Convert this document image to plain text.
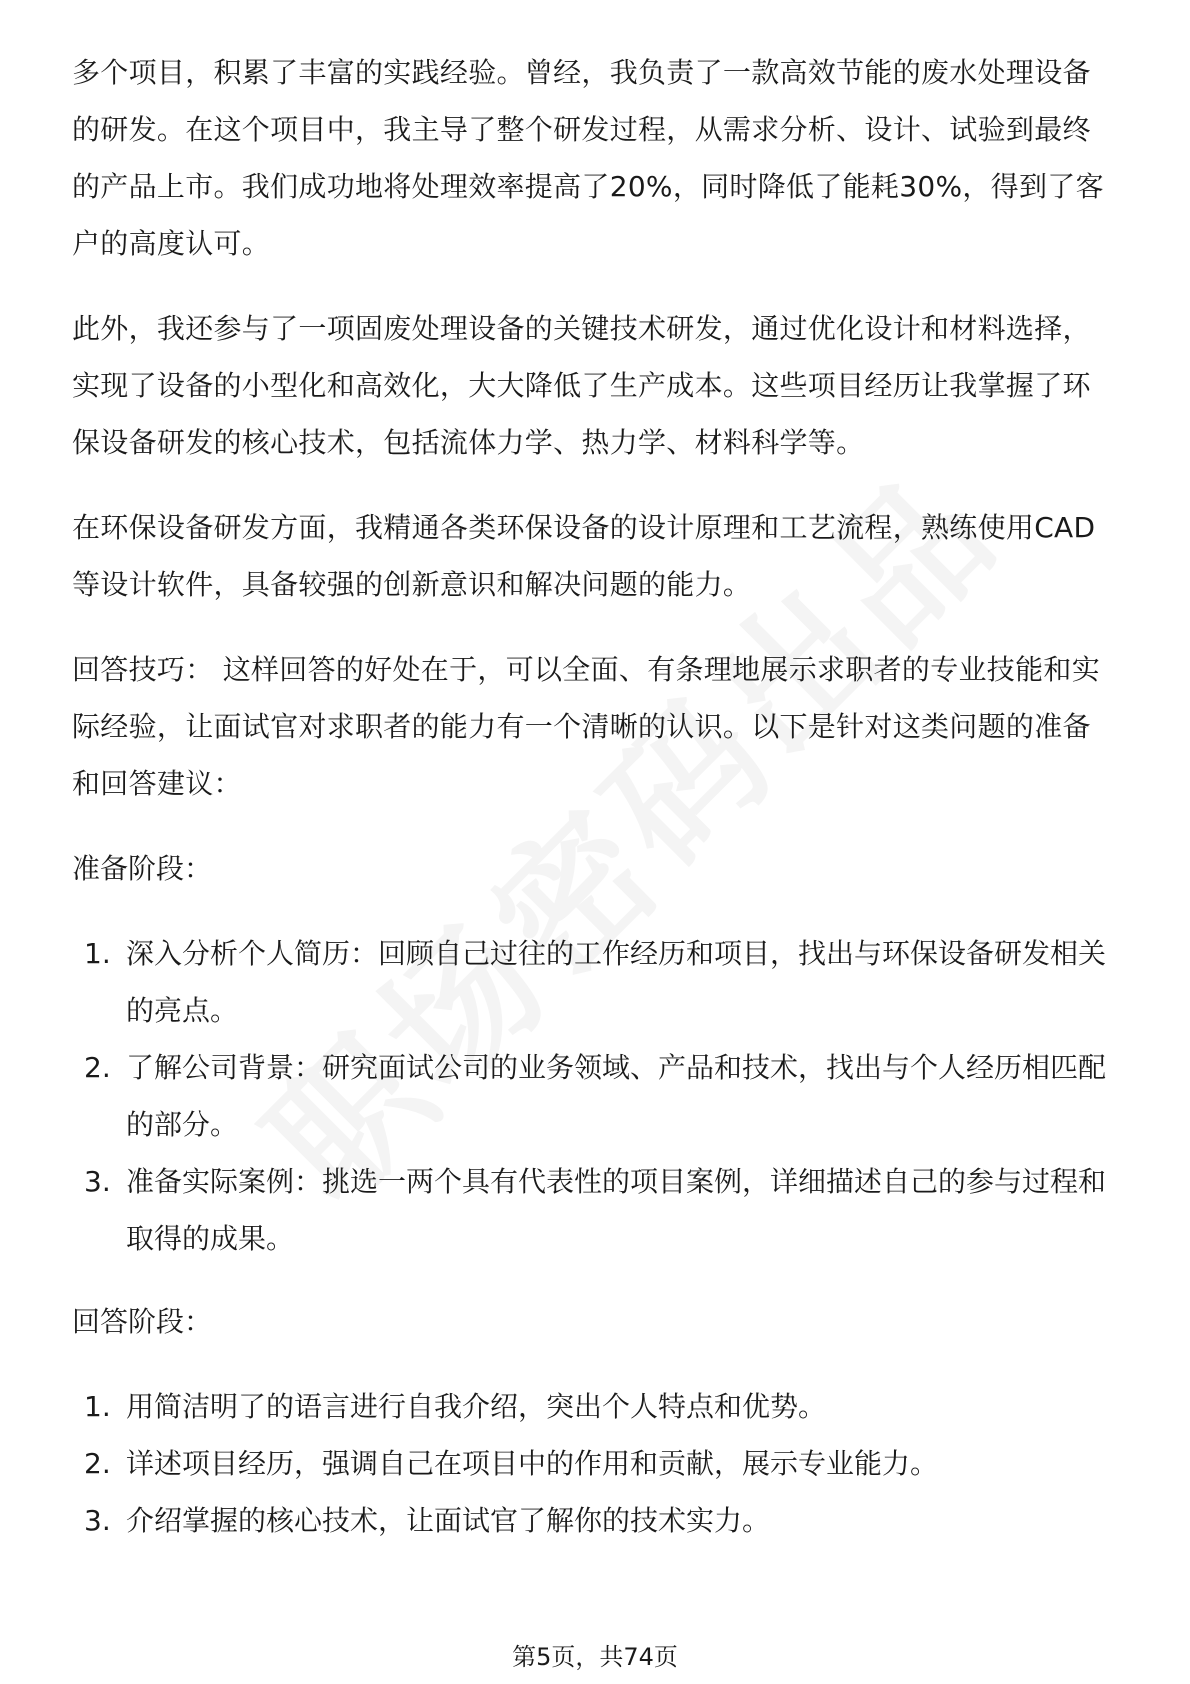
多个项目，积累了丰富的实践经验。曾经，我负责了一款高效节能的废水处理设备的研发。在这个项目中，我主导了整个研发过程，从需求分析、设计、试验到最终的产品上市。我们成功地将处理效率提高了20%，同时降低了能耗30%，得到了客户的高度认可。

此外，我还参与了一项固废处理设备的关键技术研发，通过优化设计和材料选择，实现了设备的小型化和高效化，大大降低了生产成本。这些项目经历让我掌握了环保设备研发的核心技术，包括流体力学、热力学、材料科学等。

在环保设备研发方面，我精通各类环保设备的设计原理和工艺流程，熟练使用CAD等设计软件，具备较强的创新意识和解决问题的能力。

回答技巧： 这样回答的好处在于，可以全面、有条理地展示求职者的专业技能和实际经验，让面试官对求职者的能力有一个清晰的认识。以下是针对这类问题的准备和回答建议：

准备阶段：

1. 深入分析个人简历：回顾自己过往的工作经历和项目，找出与环保设备研发相关的亮点。
2. 了解公司背景：研究面试公司的业务领域、产品和技术，找出与个人经历相匹配的部分。
3. 准备实际案例：挑选一两个具有代表性的项目案例，详细描述自己的参与过程和取得的成果。

回答阶段：

1. 用简洁明了的语言进行自我介绍，突出个人特点和优势。
2. 详述项目经历，强调自己在项目中的作用和贡献，展示专业能力。
3. 介绍掌握的核心技术，让面试官了解你的技术实力。
第5页，共74页
